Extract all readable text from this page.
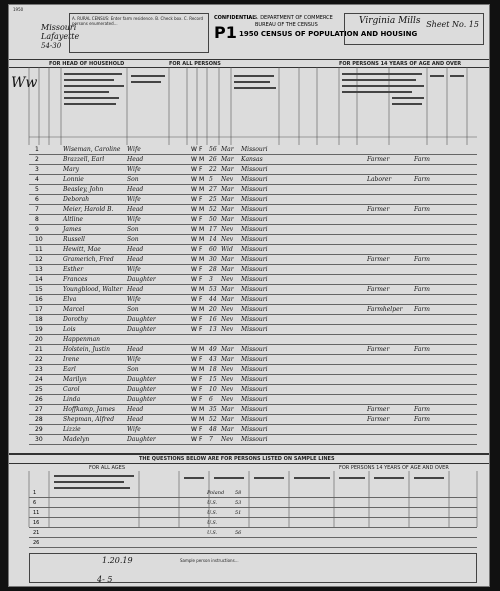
1950
Missouri
Lafayette
54-30
A. RURAL CENSUS: Enter farm residence. B. Check box. C. Record persons enumerated…
CONFIDENTIAL
P1
U. S. DEPARTMENT OF COMMERCE
BUREAU OF THE CENSUS
1950 CENSUS OF POPULATION AND HOUSING
Virginia Mills Sheet No. 15
FOR HEAD OF HOUSEHOLD	FOR ALL PERSONS	FOR PERSONS 14 YEARS OF AGE AND OVER
Ww
1	Wiseman, Caroline Wife	W F 56 Mar Missouri
2	Brazzell, Earl	Head	W M 26 Mar Kansas	Farmer	Farm
3	Mary	Wife	W F 22 Mar Missouri
4	Lonnie	Son	W M 5 Nev Missouri	Laborer	Farm
5	Beasley, John	Head	W M 27 Mar Missouri
6	Deborah	Wife	W F 25 Mar Missouri
7	Meier, Harold B. Head	W M 52 Mar Missouri	Farmer	Farm
8	Altline	Wife	W F 50 Mar Missouri
9	James	Son	W M 17 Nev Missouri
10	Russell	Son	W M 14 Nev Missouri
11	Hewitt, Mae	Head	W F 60 Wid Missouri
12	Gramerich, Fred Head	W M 30 Mar Missouri	Farmer	Farm
13	Esther	Wife	W F 28 Mar Missouri
14	Frances	Daughter	W F 3 Nev Missouri
15	Youngblood, Walter Head	W M 53 Mar Missouri	Farmer	Farm
16	Elva	Wife	W F 44 Mar Missouri
17	Marcel	Son	W M 20 Nev Missouri	Farmhelper Farm
18	Dorothy	Daughter	W F 16 Nev Missouri
19	Lois	Daughter	W F 13 Nev Missouri
20	Happenman
21	Holstein, Justin	Head	W M 49 Mar Missouri	Farmer	Farm
22	Irene	Wife	W F 43 Mar Missouri
23	Earl	Son	W M 18 Nev Missouri
24	Marilyn	Daughter	W F 15 Nev Missouri
25	Carol	Daughter	W F 10 Nev Missouri
26	Linda	Daughter	W F 6 Nev Missouri
27	Hoffkamp, James Head	W M 35 Mar Missouri	Farmer	Farm
28	Shepman, Alfred Head	W M 52 Mar Missouri	Farmer	Farm
29	Lizzie	Wife	W F 48 Mar Missouri
30	Madelyn	Daughter	W F 7 Nev Missouri
THE QUESTIONS BELOW ARE FOR PERSONS LISTED ON SAMPLE LINES
FOR ALL AGES	FOR PERSONS 14 YEARS OF AGE AND OVER
1	Poland 58
6	U.S.	53
11	U.S.	51
16	U.S.
21	U.S.	56
26
1.20.19	Sample person instructions…
4- 5
